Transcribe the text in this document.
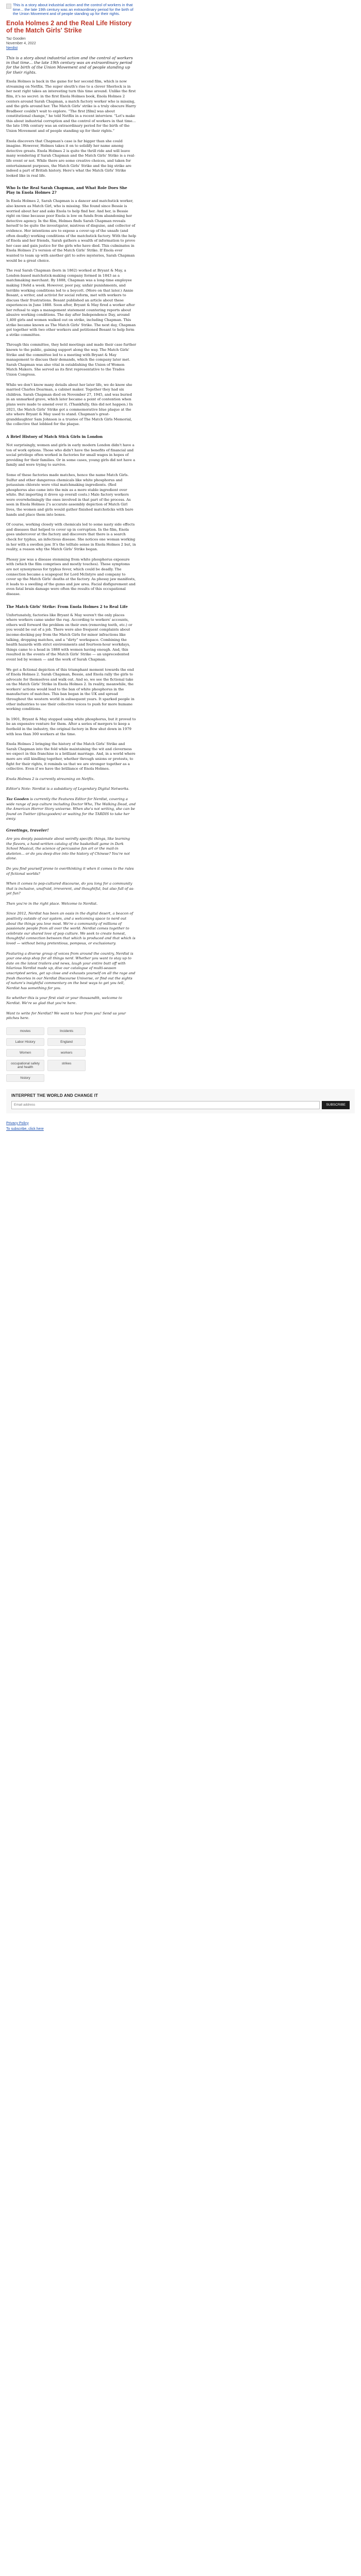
This is a story about industrial action and the control of workers in that time... the late 19th century was an extraordinary period for the birth of the Union Movement and of people standing up for their rights.
Enola Holmes 2 and the Real Life History of the Match Girls' Strike
Taz Gooden
November 4, 2022
Nerdist
This is a story about industrial action and the control of workers in that time... the late 19th century was an extraordinary period for the birth of the Union Movement and of people standing up for their rights.

Enola Holmes is back in the game for her second film, which is now streaming on Netflix. The super sleuth's rise to a clever Sherlock is in her next right takes an interesting turn this time around. Unlike the first film, it's no secret: in the first Enola Holmes book, Enola Holmes 2 centers around Sarah Chapman, a match factory worker who is missing, and the girls around her. The Match Girls' strike is a truly obscure Harry Bradbeer couldn't wait to explore. “The first [film] was about constitutional change,” he told Netflix in a recent interview. “Let's make this about industrial corruption and the control of workers in that time... the late 19th century was an extraordinary period for the birth of the Union Movement and of people standing up for their rights.”

Enola discovers that Chapman's case is far bigger than she could imagine. However, Holmes takes it on to solidify her name among detective greats. Enola Holmes 2 is quite the thrill ride and will leave many wondering if Sarah Chapman and the Match Girls' Strike is a real-life event or not. While there are some creative choices, and taken for entertainment purposes, the Match Girls' Strike and the big strike are indeed a part of British history. Here's what the Match Girls' Strike looked like in real life.

Who Is the Real Sarah Chapman, and What Role Does She Play in Enola Holmes 2?

In Enola Holmes 2, Sarah Chapman is a dancer and matchstick worker, also known as Match Girl, who is missing. She found since Bessie is worried about her and asks Enola to help find her. And her, is Bessie right on time because poor Enola is low on funds from abandoning her detective agency. In the film, Holmes finds Sarah Chapman reveals herself to be quite the investigator, mistress of disguise, and collector of evidence. Her intentions are to expose a cover-up of the unsafe (and often deadly) working conditions of the matchstick factory. With the help of Enola and her friends, Sarah gathers a wealth of information to prove her case and gain justice for the girls who have died. This culminates in Enola Holmes 2's version of the Match Girls' Strike. If Enola ever wanted to team up with another girl to solve mysteries, Sarah Chapman would be a great choice.

The real Sarah Chapman (born in 1862) worked at Bryant & May, a London-based matchstick-making company formed in 1843 as a matchmaking merchant. By 1888, Chapman was a long-time employee making 19s6d a week. However, poor pay, unfair punishments, and terrible working conditions led to a boycott. (More on that later.) Annie Besant, a writer, and activist for social reform, met with workers to discuss their frustrations. Besant published an article about these experiences in June 1888. Soon after, Bryant & May fired a worker after her refusal to sign a management statement countering reports about abusive working conditions. The day after Independence Day, around 1,400 girls and women walked out on strike, including Chapman. This strike became known as The Match Girls' Strike. The next day, Chapman got together with two other workers and petitioned Besant to help form a strike committee.

Through this committee, they held meetings and made their case further known to the public, gaining support along the way. The Match Girls' Strike and the committee led to a meeting with Bryant & May management to discuss their demands, which the company later met. Sarah Chapman was also vital in establishing the Union of Women Match Makers. She served as its first representative to the Trades Union Congress.

While we don't know many details about her later life, we do know she married Charles Dearman, a cabinet maker. Together they had six children. Sarah Chapman died on November 27, 1945, and was buried in an unmarked grave, which later became a point of contention when plans were made to amend over it. (Thankfully, this did not happen.) In 2021, the Match Girls' Strike got a commemorative blue plaque at the site where Bryant & May used to stand. Chapman's great-granddaughter Sam Johnson is a trustee of The Match Girls Memorial, the collective that lobbied for the plaque.

A Brief History of Match Stick Girls in London

Not surprisingly, women and girls in early modern London didn't have a ton of work options. Those who didn't have the benefits of financial and social privilege often worked in factories for small wages in hopes of providing for their families. Or in some cases, young girls did not have a family and were trying to survive.

Some of these factories made matches, hence the name Match Girls. Sulfur and other dangerous chemicals like white phosphorus and potassium chlorate were vital matchmaking ingredients. (Red phosphorus also came into the mix as a more stable ingredient over white. But importing it drove up overall costs.) Male factory workers were overwhelmingly the ones involved in that part of the process. As seen in Enola Holmes 2's accurate assembly depiction of Match Girl lives, the women and girls would gather finished matchsticks with bare hands and place them into boxes.

Of course, working closely with chemicals led to some nasty side effects and diseases that helped to cover up in corruption. In the film, Enola goes undercover at the factory and discovers that there is a search check for typhus, an infectious disease. She notices one woman working in her with a swollen jaw. It's the telltale sense in Enola Holmes 2 but, in reality, a reason why the Match Girls' Strike began.

Phossy jaw was a disease stemming from white phosphorus exposure with (which the film comprises and mostly touches). These symptoms are not synonymous for typhus fever, which could be deadly. The connection became a scapegoat for Lord McIntyre and company to cover up the Match Girls' deaths at the factory. As phossy jaw manifests, it leads to a swelling of the gums and jaw area. Facial disfigurement and even fatal brain damage were often the results of this occupational disease.

The Match Girls' Strike: From Enola Holmes 2 to Real Life

Unfortunately, factories like Bryant & May weren't the only places where workers came under the rug. According to workers' accounts, others well forward the problem on their own (removing teeth, etc.) or you would be out of a job. There were also frequent complaints about income-docking pay from the Match Girls for minor infractions like talking, dropping matches, and a “dirty” workspace. Combining the health hazards with strict environments and fourteen-hour workdays, things came to a head in 1888 with women having enough. And, this resulted in the events of the Match Girls' Strike — an unprecedented event led by women — and the work of Sarah Chapman.

We get a fictional depiction of this triumphant moment towards the end of Enola Holmes 2. Sarah Chapman, Bessie, and Enola rally the girls to advocate for themselves and walk out. And so, we see the fictional take on the Match Girls' Strike in Enola Holmes 2. In reality, meanwhile, the workers' actions would lead to the ban of white phosphorus in the manufacture of matches. This ban began in the UK and spread throughout the western world in subsequent years. It sparked people in other industries to use their collective voices to push for more humane working conditions.

In 1901, Bryant & May stopped using white phosphorus, but it proved to be an expensive venture for them. After a series of mergers to keep a foothold in the industry, the original factory in Bow shut down in 1979 with less than 300 workers at the time.

Enola Holmes 2 bringing the history of the Match Girls' Strike and Sarah Chapman into the fold while maintaining the wit and cleverness we expect in this franchise is a brilliant marriage. And, in a world where more are still kindling together, whether through unions or protests, to fight for their rights, it reminds us that we are stronger together as a collective. Even if we have the brilliance of Enola Holmes.

Enola Holmes 2 is currently streaming on Netflix.

Editor's Note: Nerdist is a subsidiary of Legendary Digital Networks.

Taz Gooden is currently the Features Editor for Nerdist, covering a wide range of pop culture including Doctor Who, The Walking Dead, and the American Horror Story universe. When she's not writing, she can be found on Twitter (@tazgooden) or waiting for the TARDIS to take her away.

Greetings, traveler!

Are you deeply passionate about weirdly specific things, like learning the flavors, a hand-written catalog of the basketball game in Dark School Musical, the science of percussive fan art or the mail-in skeleton... or do you deep dive into the history of Chinese? You're not alone.

Do you find yourself prone to overthinking it when it comes to the rules of fictional worlds?

When it comes to pop-cultured discourse, do you long for a community that is inclusive, unafraid, irreverent, and thoughtful, but also full of as-yet fun?

Then you're in the right place. Welcome to Nerdist.

Since 2012, Nerdist has been an oasis in the digital desert, a beacon of positivity outside of our system, and a welcoming space to nerd out about the things you love most. We're a community of millions of passionate people from all over the world. Nerdist comes together to celebrate our shared love of pop culture. We seek to create honest, thoughtful connection between that which is produced and that which is loved — without being pretentious, pompous, or exclusionary.

Featuring a diverse group of voices from around the country, Nerdist is your one-stop shop for all things nerd. Whether you want to stay up to date on the latest trailers and news, laugh your entire butt off with hilarious Nerdist made up, dive our catalogue of multi-season unscripted series, get up close and exhausts yourself on all the rage and fresh theories in our Nerdist Discourse Universe, or find out the sights of nature's insightful commentary on the best ways to get you tell, Nerdist has something for you.

So whether this is your first visit or your thousandth, welcome to Nerdist. We're so glad that you're here.

Want to write for Nerdist? We want to hear from you! Send us your pitches here.

movies	Incidents
Labor History	England
Women	workers
occupational safety and health
strikes
history
INTERPRET THE WORLD AND CHANGE IT
Email address
SUBSCRIBE
Privacy Policy
To subscribe, click here
